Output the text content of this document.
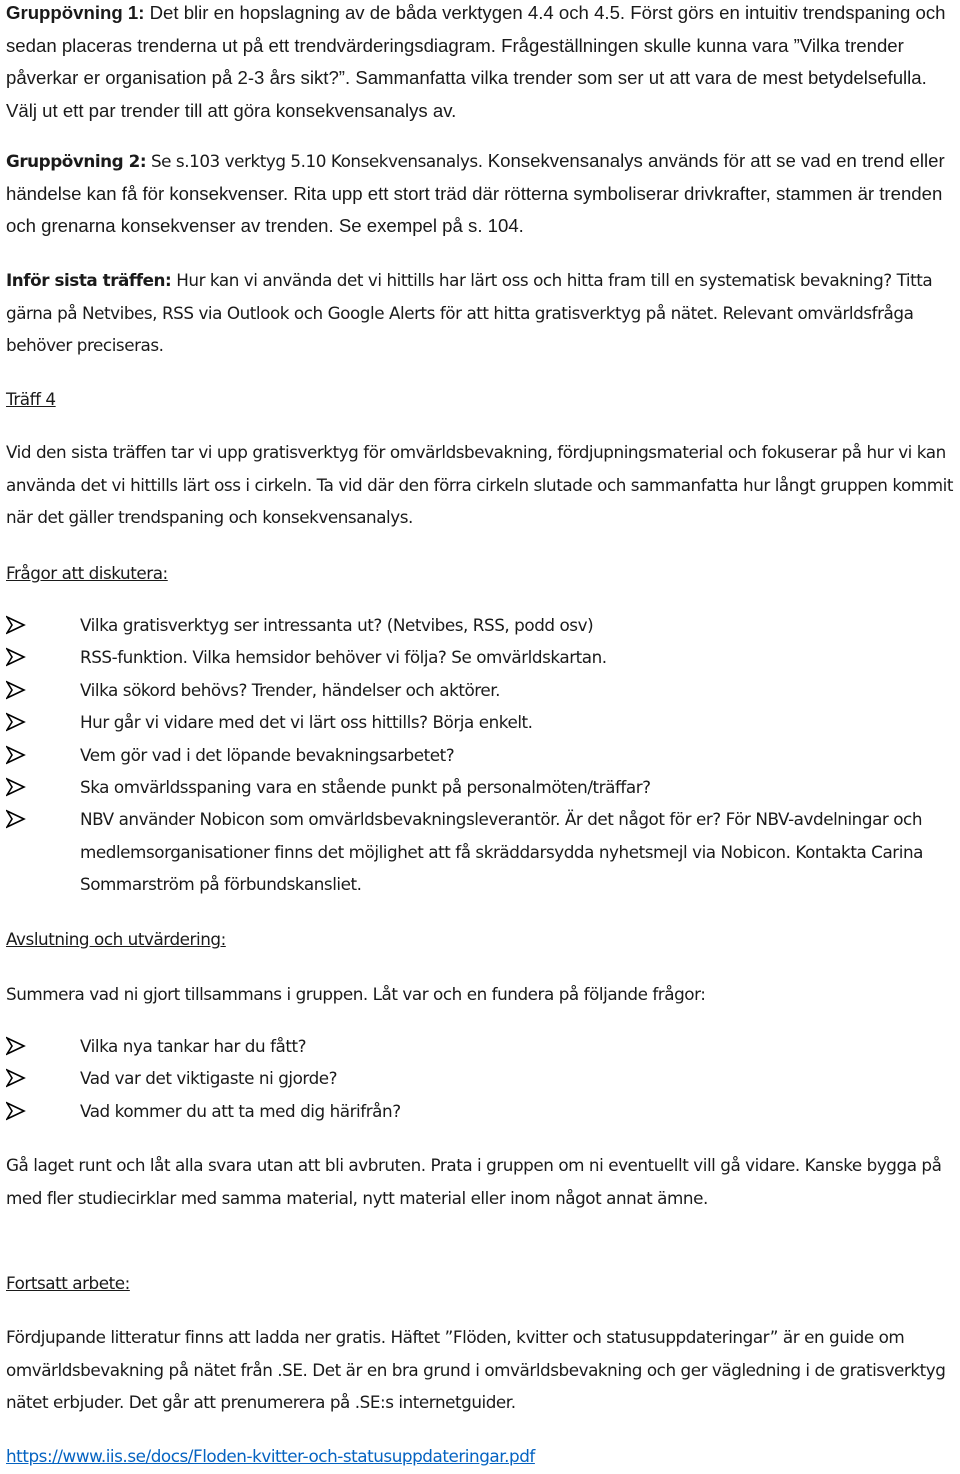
Gruppövning 1: Det blir en hopslagning av de båda verktygen 4.4 och 4.5. Först görs en intuitiv trendspaning och sedan placeras trenderna ut på ett trendvärderingsdiagram. Frågeställningen skulle kunna vara ”Vilka trender påverkar er organisation på 2-3 års sikt?”. Sammanfatta vilka trender som ser ut att vara de mest betydelsefulla. Välj ut ett par trender till att göra konsekvensanalys av.

Gruppövning 2: Se s.103 verktyg 5.10 Konsekvensanalys. Konsekvensanalys används för att se vad en trend eller händelse kan få för konsekvenser. Rita upp ett stort träd där rötterna symboliserar drivkrafter, stammen är trenden och grenarna konsekvenser av trenden. Se exempel på s. 104.

Inför sista träffen: Hur kan vi använda det vi hittills har lärt oss och hitta fram till en systematisk bevakning? Titta gärna på Netvibes, RSS via Outlook och Google Alerts för att hitta gratisverktyg på nätet. Relevant omvärldsfråga behöver preciseras.

Träff 4

Vid den sista träffen tar vi upp gratisverktyg för omvärldsbevakning, fördjupningsmaterial och fokuserar på hur vi kan använda det vi hittills lärt oss i cirkeln. Ta vid där den förra cirkeln slutade och sammanfatta hur långt gruppen kommit när det gäller trendspaning och konsekvensanalys.

Frågor att diskutera:

Vilka gratisverktyg ser intressanta ut? (Netvibes, RSS, podd osv)
RSS-funktion. Vilka hemsidor behöver vi följa? Se omvärldskartan.
Vilka sökord behövs? Trender, händelser och aktörer.
Hur går vi vidare med det vi lärt oss hittills? Börja enkelt.
Vem gör vad i det löpande bevakningsarbetet?
Ska omvärldsspaning vara en stående punkt på personalmöten/träffar?
NBV använder Nobicon som omvärldsbevakningsleverantör. Är det något för er? För NBV-avdelningar och medlemsorganisationer finns det möjlighet att få skräddarsydda nyhetsmejl via Nobicon. Kontakta Carina Sommarström på förbundskansliet.

Avslutning och utvärdering:

Summera vad ni gjort tillsammans i gruppen. Låt var och en fundera på följande frågor:

Vilka nya tankar har du fått?
Vad var det viktigaste ni gjorde?
Vad kommer du att ta med dig härifrån?

Gå laget runt och låt alla svara utan att bli avbruten. Prata i gruppen om ni eventuellt vill gå vidare. Kanske bygga på med fler studiecirklar med samma material, nytt material eller inom något annat ämne.

Fortsatt arbete:

Fördjupande litteratur finns att ladda ner gratis. Häftet ”Flöden, kvitter och statusuppdateringar” är en guide om omvärldsbevakning på nätet från .SE. Det är en bra grund i omvärldsbevakning och ger vägledning i de gratisverktyg nätet erbjuder. Det går att prenumerera på .SE:s internetguider.

https://www.iis.se/docs/Floden-kvitter-och-statusuppdateringar.pdf
